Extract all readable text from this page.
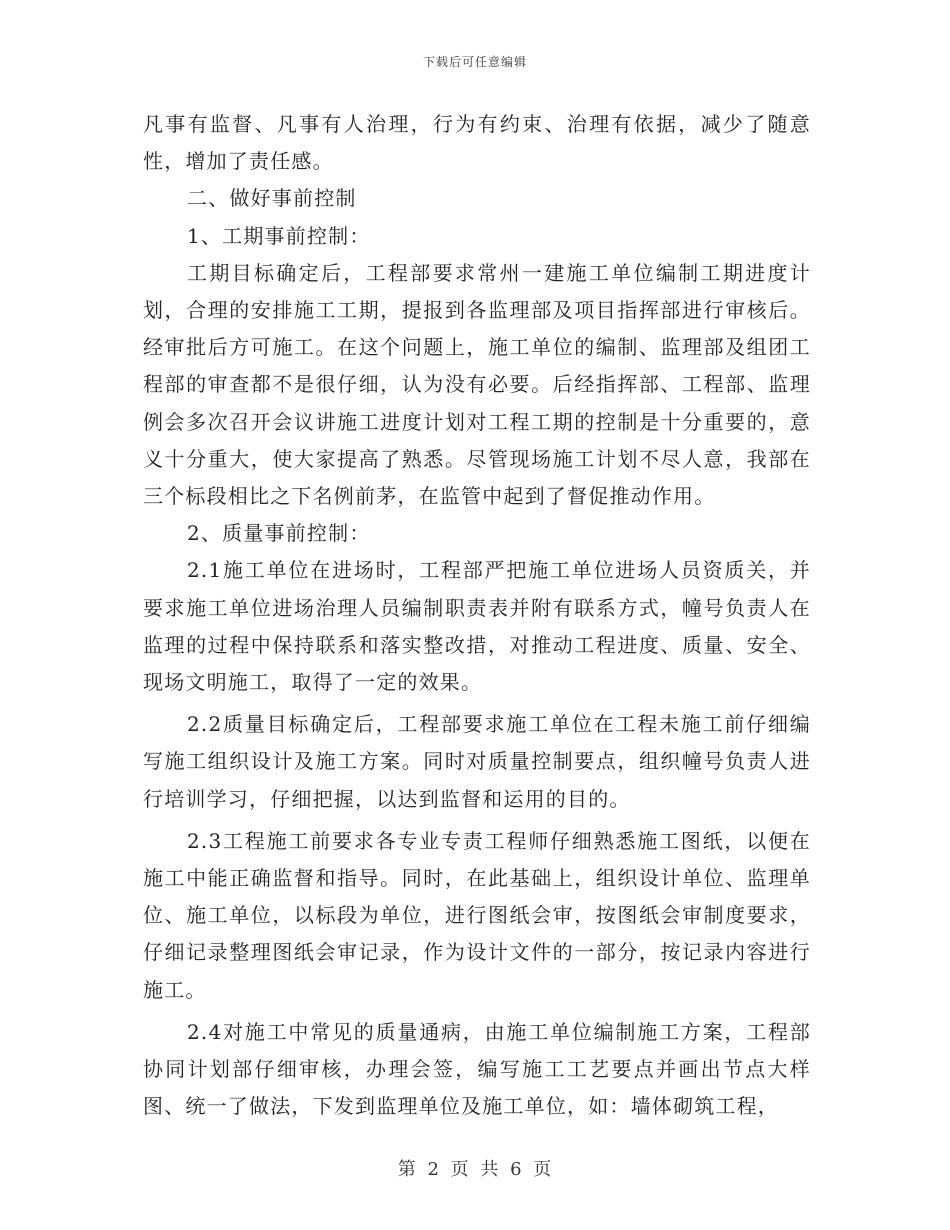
下载后可任意编辑

凡事有监督、凡事有人治理，行为有约束、治理有依据，减少了随意性，增加了责任感。

二、做好事前控制

1、工期事前控制：

工期目标确定后，工程部要求常州一建施工单位编制工期进度计划，合理的安排施工工期，提报到各监理部及项目指挥部进行审核后。经审批后方可施工。在这个问题上，施工单位的编制、监理部及组团工程部的审查都不是很仔细，认为没有必要。后经指挥部、工程部、监理例会多次召开会议讲施工进度计划对工程工期的控制是十分重要的，意义十分重大，使大家提高了熟悉。尽管现场施工计划不尽人意，我部在三个标段相比之下名例前茅，在监管中起到了督促推动作用。

2、质量事前控制：

2.1施工单位在进场时，工程部严把施工单位进场人员资质关，并要求施工单位进场治理人员编制职责表并附有联系方式，幢号负责人在监理的过程中保持联系和落实整改措，对推动工程进度、质量、安全、现场文明施工，取得了一定的效果。

2.2质量目标确定后，工程部要求施工单位在工程未施工前仔细编写施工组织设计及施工方案。同时对质量控制要点，组织幢号负责人进行培训学习，仔细把握，以达到监督和运用的目的。

2.3工程施工前要求各专业专责工程师仔细熟悉施工图纸，以便在施工中能正确监督和指导。同时，在此基础上，组织设计单位、监理单位、施工单位，以标段为单位，进行图纸会审，按图纸会审制度要求，仔细记录整理图纸会审记录，作为设计文件的一部分，按记录内容进行施工。

2.4对施工中常见的质量通病，由施工单位编制施工方案，工程部协同计划部仔细审核，办理会签，编写施工工艺要点并画出节点大样图、统一了做法，下发到监理单位及施工单位，如：墙体砌筑工程，

第 2 页 共 6 页
